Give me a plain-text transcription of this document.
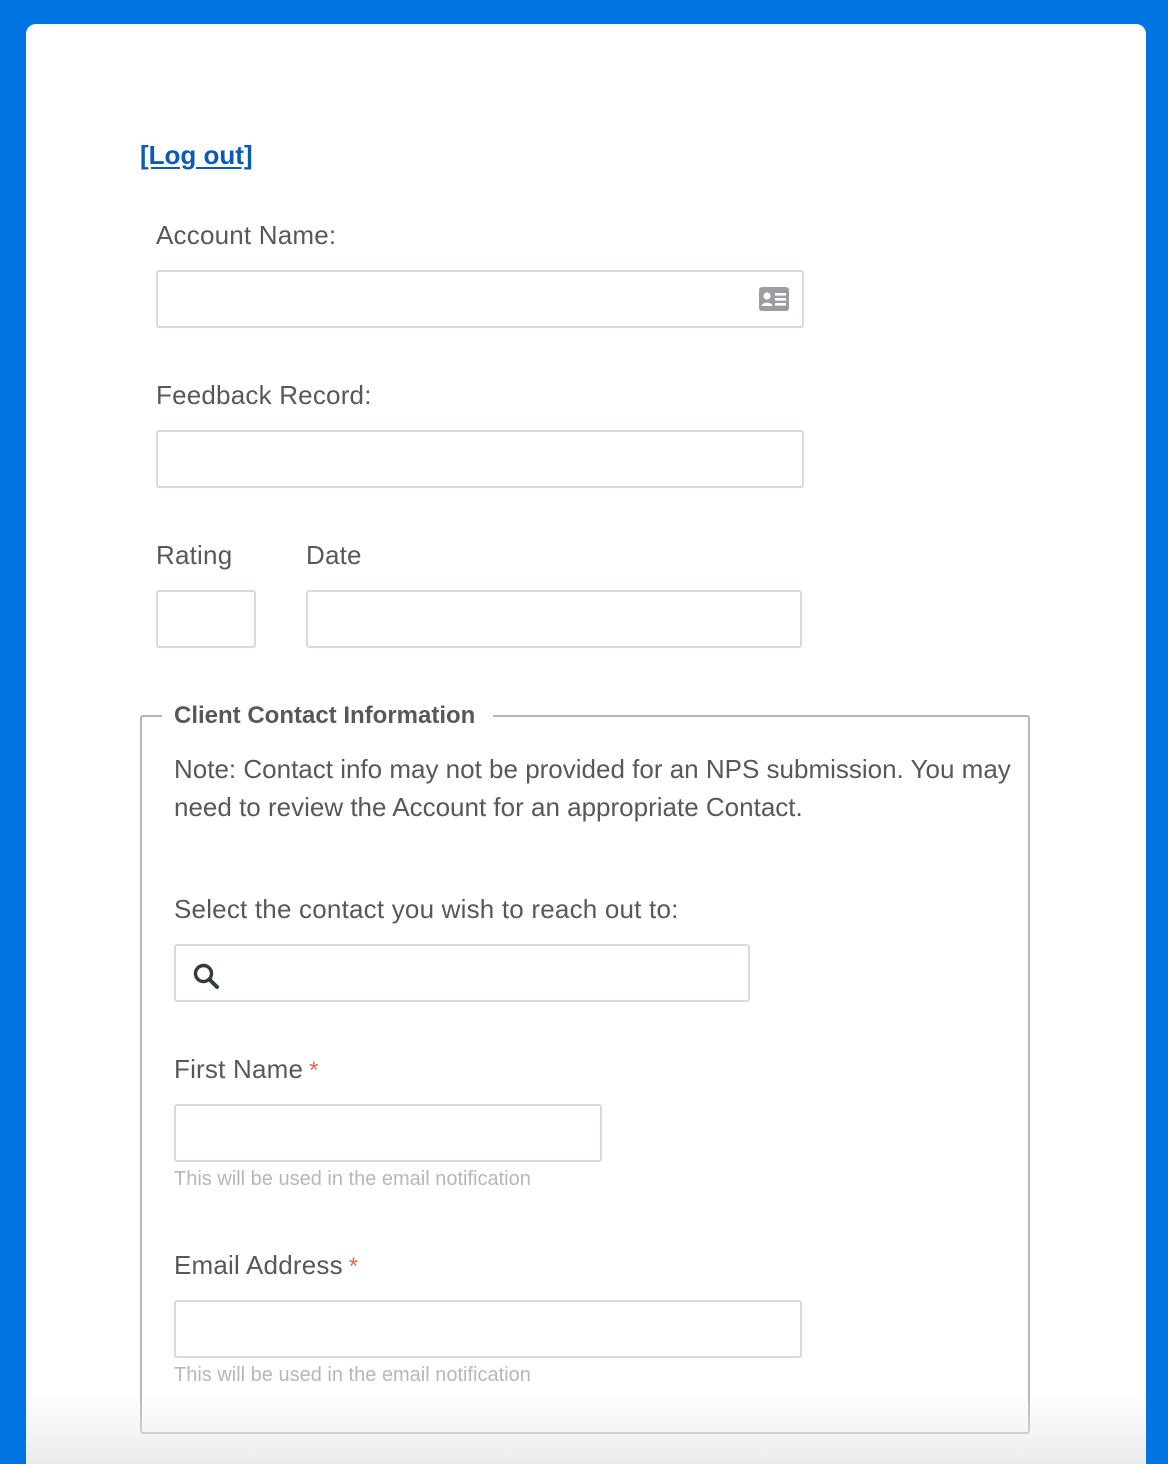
[Log out]
Account Name:
Feedback Record:
Rating	Date
Client Contact Information
Note: Contact info may not be provided for an NPS submission. You may need to review the Account for an appropriate Contact.
Select the contact you wish to reach out to:
First Name *
This will be used in the email notification
Email Address *
This will be used in the email notification
